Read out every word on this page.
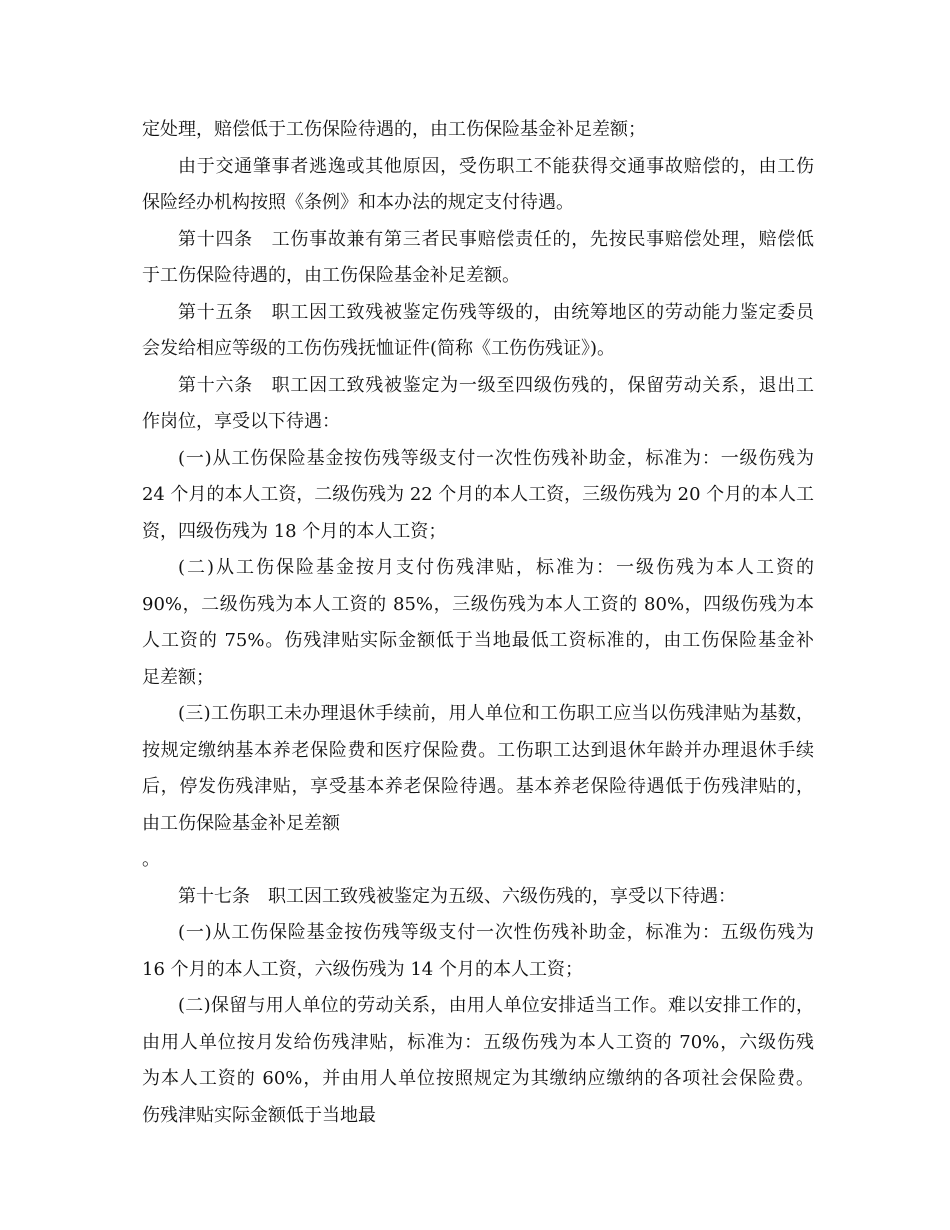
定处理，赔偿低于工伤保险待遇的，由工伤保险基金补足差额；
由于交通肇事者逃逸或其他原因，受伤职工不能获得交通事故赔偿的，由工伤
保险经办机构按照《条例》和本办法的规定支付待遇。
第十四条　工伤事故兼有第三者民事赔偿责任的，先按民事赔偿处理，赔偿低
于工伤保险待遇的，由工伤保险基金补足差额。
第十五条　职工因工致残被鉴定伤残等级的，由统筹地区的劳动能力鉴定委员
会发给相应等级的工伤伤残抚恤证件(简称《工伤伤残证》)。
第十六条　职工因工致残被鉴定为一级至四级伤残的，保留劳动关系，退出工
作岗位，享受以下待遇：
(一)从工伤保险基金按伤残等级支付一次性伤残补助金，标准为：一级伤残为
24 个月的本人工资，二级伤残为 22 个月的本人工资，三级伤残为 20 个月的本人工
资，四级伤残为 18 个月的本人工资；
(二)从工伤保险基金按月支付伤残津贴，标准为：一级伤残为本人工资的
90%，二级伤残为本人工资的 85%，三级伤残为本人工资的 80%，四级伤残为本
人工资的 75%。伤残津贴实际金额低于当地最低工资标准的，由工伤保险基金补
足差额；
(三)工伤职工未办理退休手续前，用人单位和工伤职工应当以伤残津贴为基数，
按规定缴纳基本养老保险费和医疗保险费。工伤职工达到退休年龄并办理退休手续
后，停发伤残津贴，享受基本养老保险待遇。基本养老保险待遇低于伤残津贴的，
由工伤保险基金补足差额
。
第十七条　职工因工致残被鉴定为五级、六级伤残的，享受以下待遇：
(一)从工伤保险基金按伤残等级支付一次性伤残补助金，标准为：五级伤残为
16 个月的本人工资，六级伤残为 14 个月的本人工资；
(二)保留与用人单位的劳动关系，由用人单位安排适当工作。难以安排工作的，
由用人单位按月发给伤残津贴，标准为：五级伤残为本人工资的 70%，六级伤残
为本人工资的 60%，并由用人单位按照规定为其缴纳应缴纳的各项社会保险费。
伤残津贴实际金额低于当地最
